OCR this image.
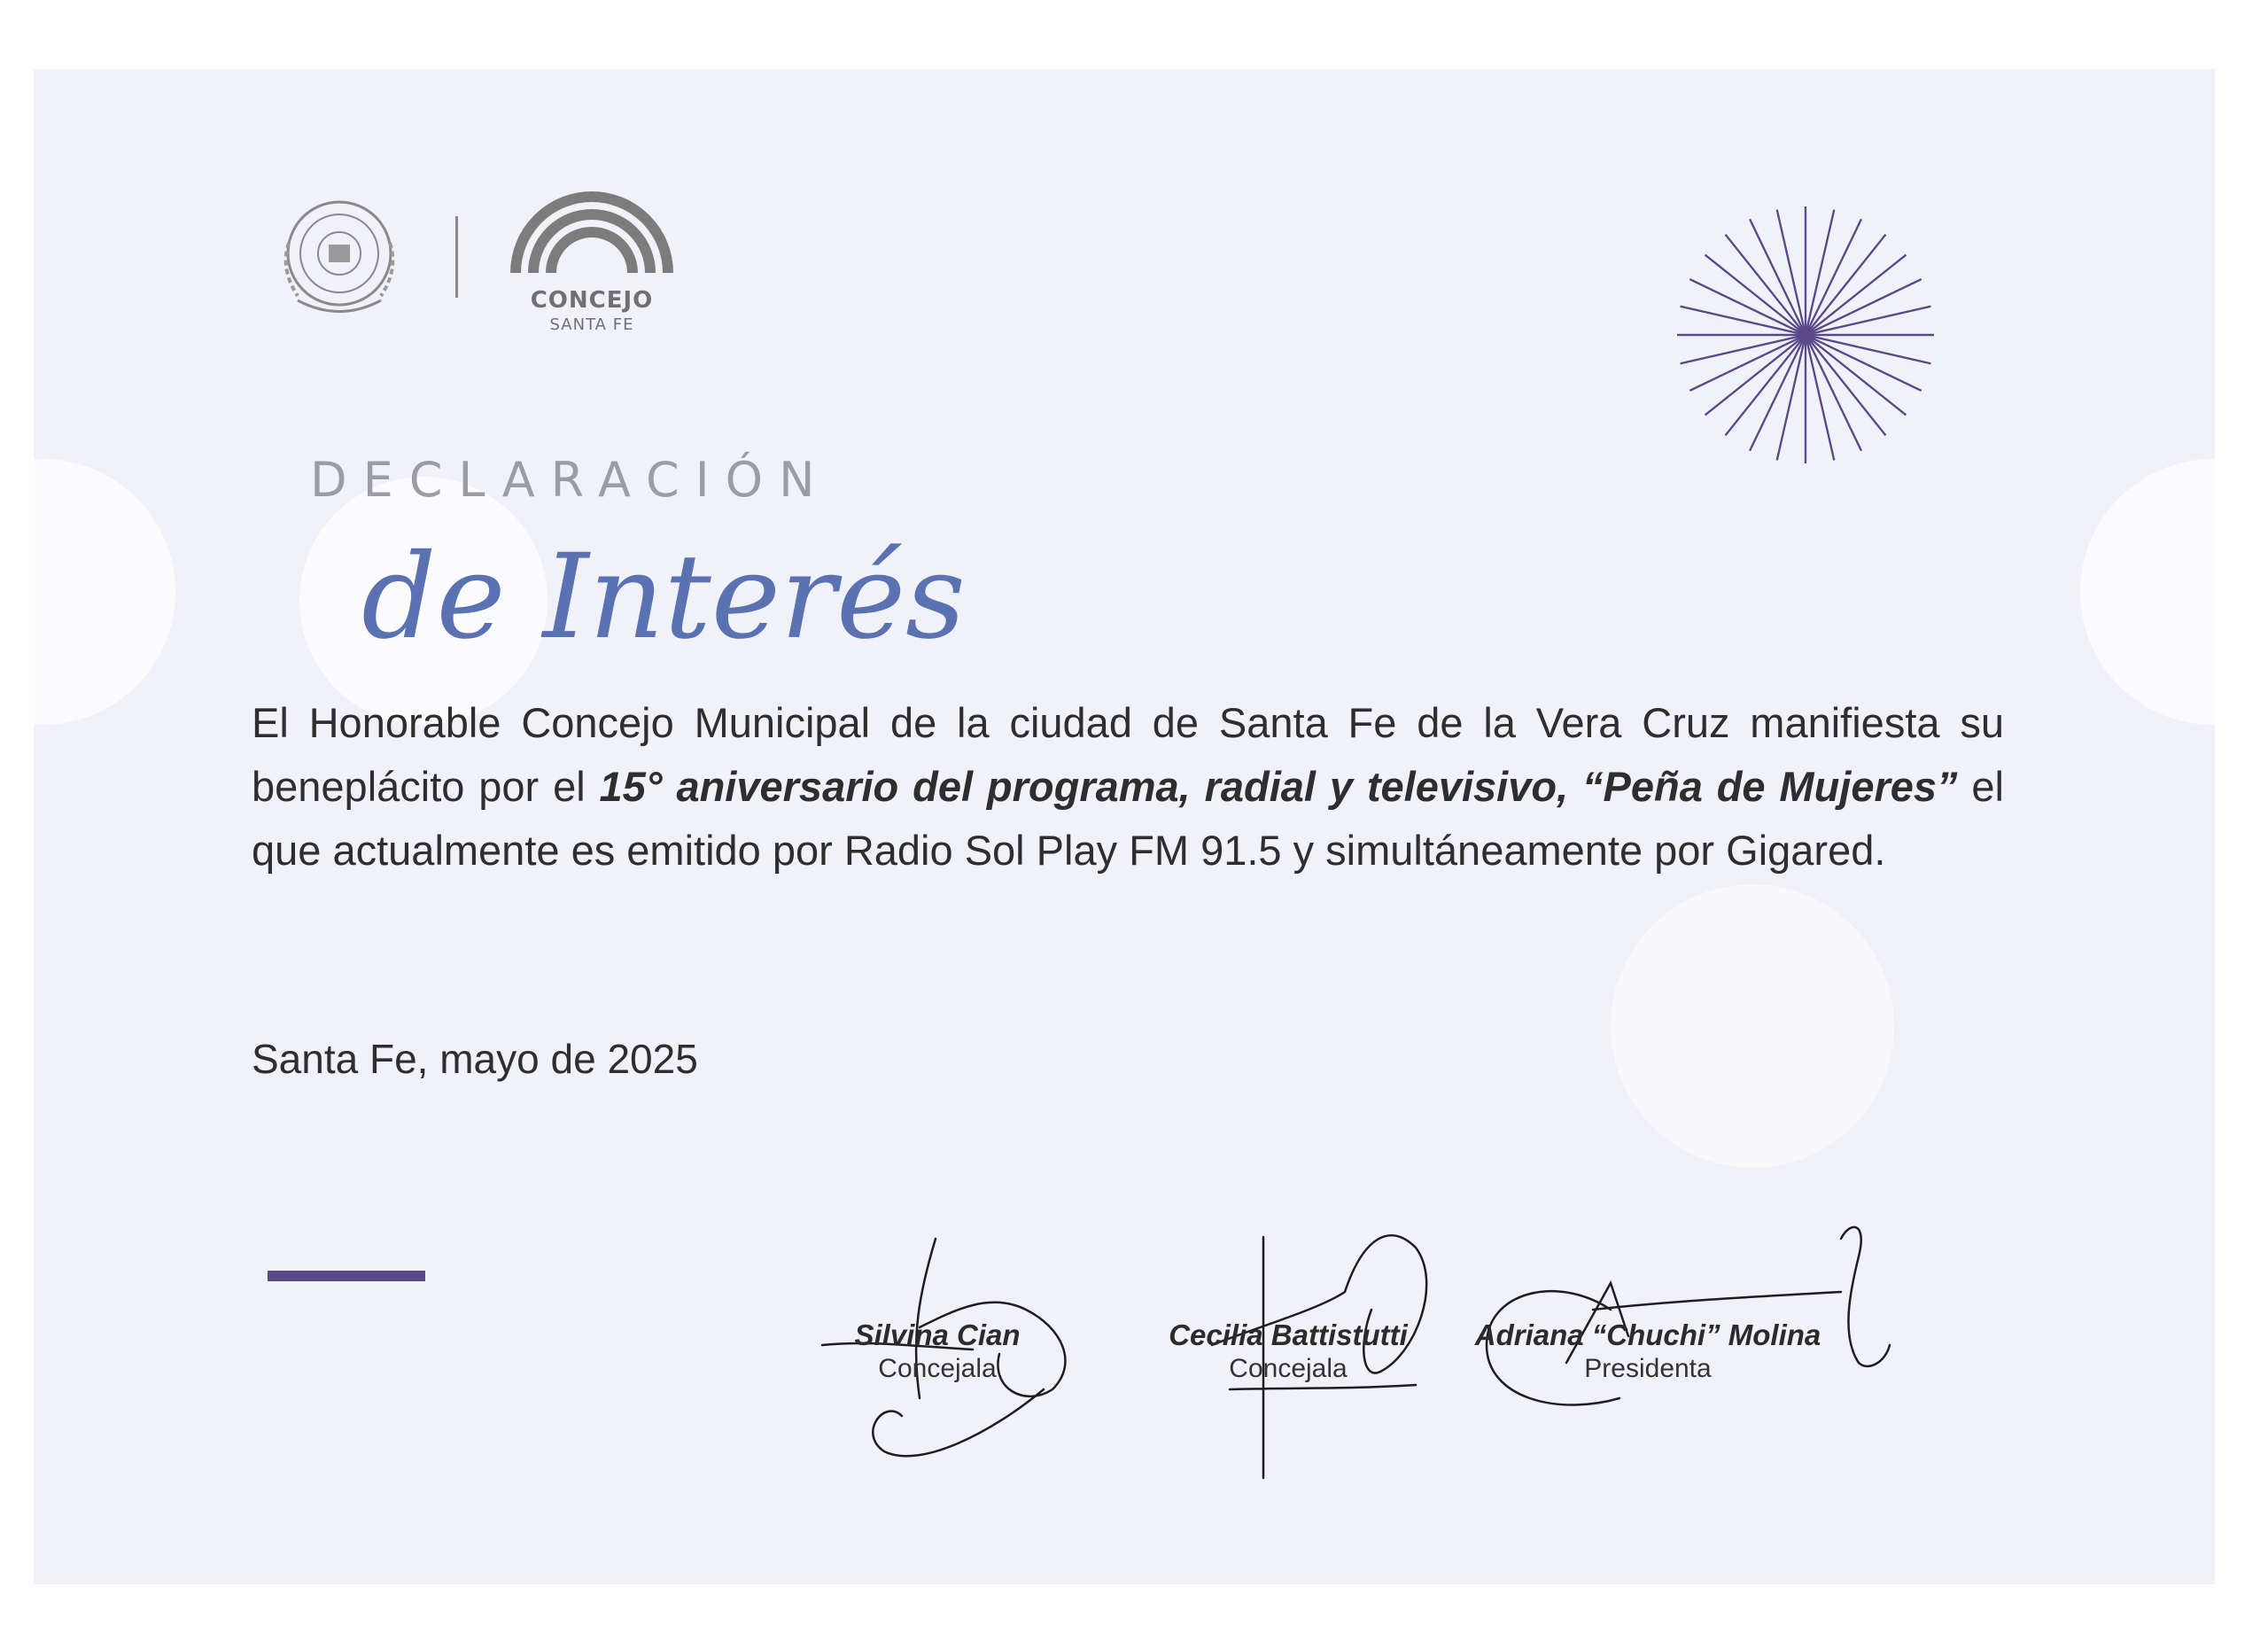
CONCEJO
SANTA FE
DECLARACIÓN
de Interés
El Honorable Concejo Municipal de la ciudad de Santa Fe de la Vera Cruz manifiesta su beneplácito por el 15° aniversario del programa, radial y televisivo, “Peña de Mujeres” el que actualmente es emitido por Radio Sol Play FM 91.5 y simultáneamente por Gigared.
Santa Fe, mayo de 2025
Silvina Cian
Concejala
Cecilia Battistutti
Concejala
Adriana “Chuchi” Molina
Presidenta
